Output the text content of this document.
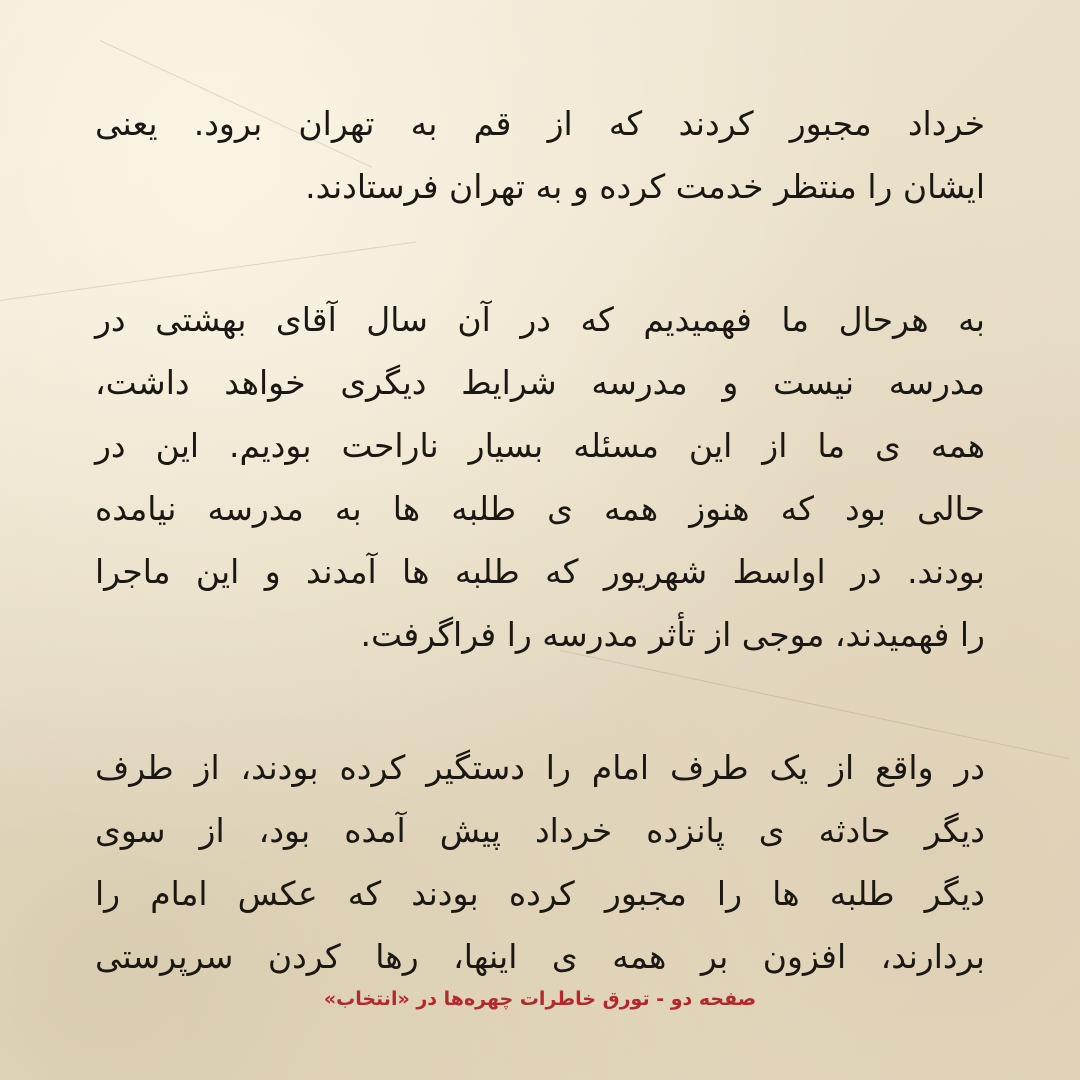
خرداد مجبور کردند که از قم به تهران برود. یعنی
ایشان را منتظر خدمت کرده و به تهران فرستادند.
به هرحال ما فهمیدیم که در آن سال آقای بهشتی در
مدرسه نیست و مدرسه شرایط دیگری خواهد داشت،
همه ی ما از این مسئله بسیار ناراحت بودیم. این در
حالی بود که هنوز همه ی طلبه ها به مدرسه نیامده
بودند. در اواسط شهریور که طلبه ها آمدند و این ماجرا
را فهمیدند، موجی از تأثر مدرسه را فراگرفت.
در واقع از یک طرف امام را دستگیر کرده بودند، از طرف
دیگر حادثه ی پانزده خرداد پیش آمده بود، از سوی
دیگر طلبه ها را مجبور کرده بودند که عکس امام را
بردارند، افزون بر همه ی اینها، رها کردن سرپرستی
صفحه دو - تورق خاطرات چهره‌ها در «انتخاب»
